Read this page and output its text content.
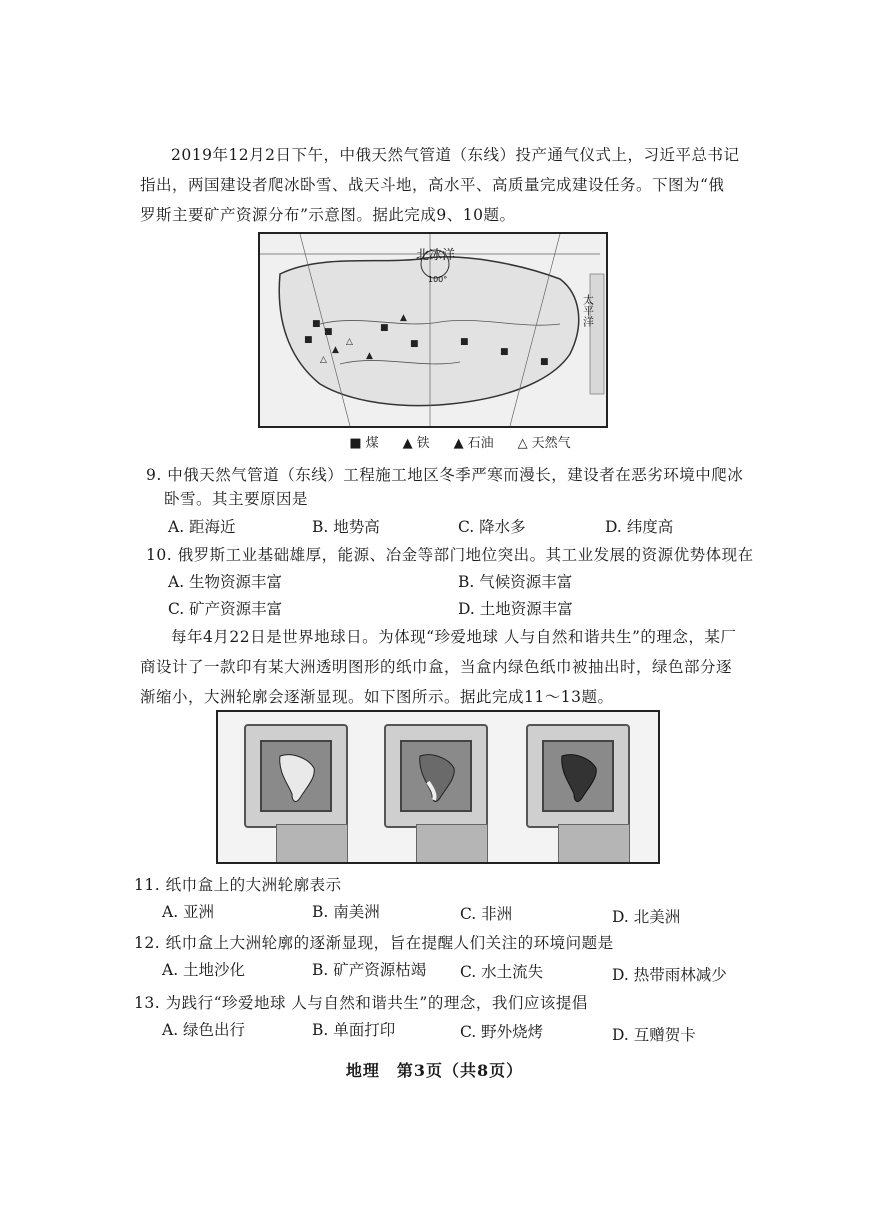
2019年12月2日下午，中俄天然气管道（东线）投产通气仪式上，习近平总书记指出，两国建设者爬冰卧雪、战天斗地，高水平、高质量完成建设任务。下图为“俄罗斯主要矿产资源分布”示意图。据此完成9、10题。

■
■
■
■
■	■
■
■
▲
▲
▲
△
△
北冰洋
100°
太平洋
■ 煤 ▲ 铁 ▲ 石油 △ 天然气

9. 中俄天然气管道（东线）工程施工地区冬季严寒而漫长，建设者在恶劣环境中爬冰

卧雪。其主要原因是

A. 距海近	B. 地势高	C. 降水多	D. 纬度高

10. 俄罗斯工业基础雄厚，能源、冶金等部门地位突出。其工业发展的资源优势体现在

A. 生物资源丰富	B. 气候资源丰富
C. 矿产资源丰富	D. 土地资源丰富

每年4月22日是世界地球日。为体现“珍爱地球 人与自然和谐共生”的理念，某厂商设计了一款印有某大洲透明图形的纸巾盒，当盒内绿色纸巾被抽出时，绿色部分逐渐缩小，大洲轮廓会逐渐显现。如下图所示。据此完成11～13题。

11. 纸巾盒上的大洲轮廓表示

A. 亚洲	B. 南美洲	C. 非洲	D. 北美洲

12. 纸巾盒上大洲轮廓的逐渐显现，旨在提醒人们关注的环境问题是

A. 土地沙化	B. 矿产资源枯竭 C. 水土流失	D. 热带雨林减少

13. 为践行“珍爱地球 人与自然和谐共生”的理念，我们应该提倡

A. 绿色出行	B. 单面打印	C. 野外烧烤	D. 互赠贺卡
地理　第3页（共8页）
